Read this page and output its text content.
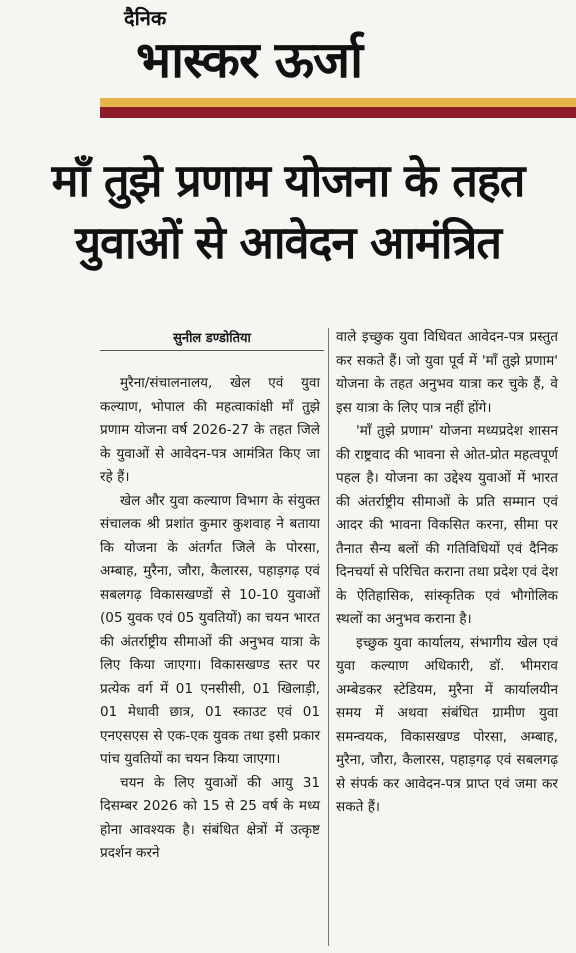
दैनिक
भास्कर ऊर्जा
माँ तुझे प्रणाम योजना के तहत
युवाओं से आवेदन आमंत्रित
सुनील डण्डोतिया

मुरैना/संचालनालय, खेल एवं युवा कल्याण, भोपाल की महत्वाकांक्षी माँ तुझे प्रणाम योजना वर्ष 2026-27 के तहत जिले के युवाओं से आवेदन-पत्र आमंत्रित किए जा रहे हैं।

खेल और युवा कल्याण विभाग के संयुक्त संचालक श्री प्रशांत कुमार कुशवाह ने बताया कि योजना के अंतर्गत जिले के पोरसा, अम्बाह, मुरैना, जौरा, कैलारस, पहाड़गढ़ एवं सबलगढ़ विकासखण्डों से 10-10 युवाओं (05 युवक एवं 05 युवतियों) का चयन भारत की अंतर्राष्ट्रीय सीमाओं की अनुभव यात्रा के लिए किया जाएगा। विकासखण्ड स्तर पर प्रत्येक वर्ग में 01 एनसीसी, 01 खिलाड़ी, 01 मेधावी छात्र, 01 स्काउट एवं 01 एनएसएस से एक-एक युवक तथा इसी प्रकार पांच युवतियों का चयन किया जाएगा।

चयन के लिए युवाओं की आयु 31 दिसम्बर 2026 को 15 से 25 वर्ष के मध्य होना आवश्यक है। संबंधित क्षेत्रों में उत्कृष्ट प्रदर्शन करने

वाले इच्छुक युवा विधिवत आवेदन-पत्र प्रस्तुत कर सकते हैं। जो युवा पूर्व में 'माँ तुझे प्रणाम' योजना के तहत अनुभव यात्रा कर चुके हैं, वे इस यात्रा के लिए पात्र नहीं होंगे।

'माँ तुझे प्रणाम' योजना मध्यप्रदेश शासन की राष्ट्रवाद की भावना से ओत-प्रोत महत्वपूर्ण पहल है। योजना का उद्देश्य युवाओं में भारत की अंतर्राष्ट्रीय सीमाओं के प्रति सम्मान एवं आदर की भावना विकसित करना, सीमा पर तैनात सैन्य बलों की गतिविधियों एवं दैनिक दिनचर्या से परिचित कराना तथा प्रदेश एवं देश के ऐतिहासिक, सांस्कृतिक एवं भौगोलिक स्थलों का अनुभव कराना है।

इच्छुक युवा कार्यालय, संभागीय खेल एवं युवा कल्याण अधिकारी, डॉ. भीमराव अम्बेडकर स्टेडियम, मुरैना में कार्यालयीन समय में अथवा संबंधित ग्रामीण युवा समन्वयक, विकासखण्ड पोरसा, अम्बाह, मुरैना, जौरा, कैलारस, पहाड़गढ़ एवं सबलगढ़ से संपर्क कर आवेदन-पत्र प्राप्त एवं जमा कर सकते हैं।
